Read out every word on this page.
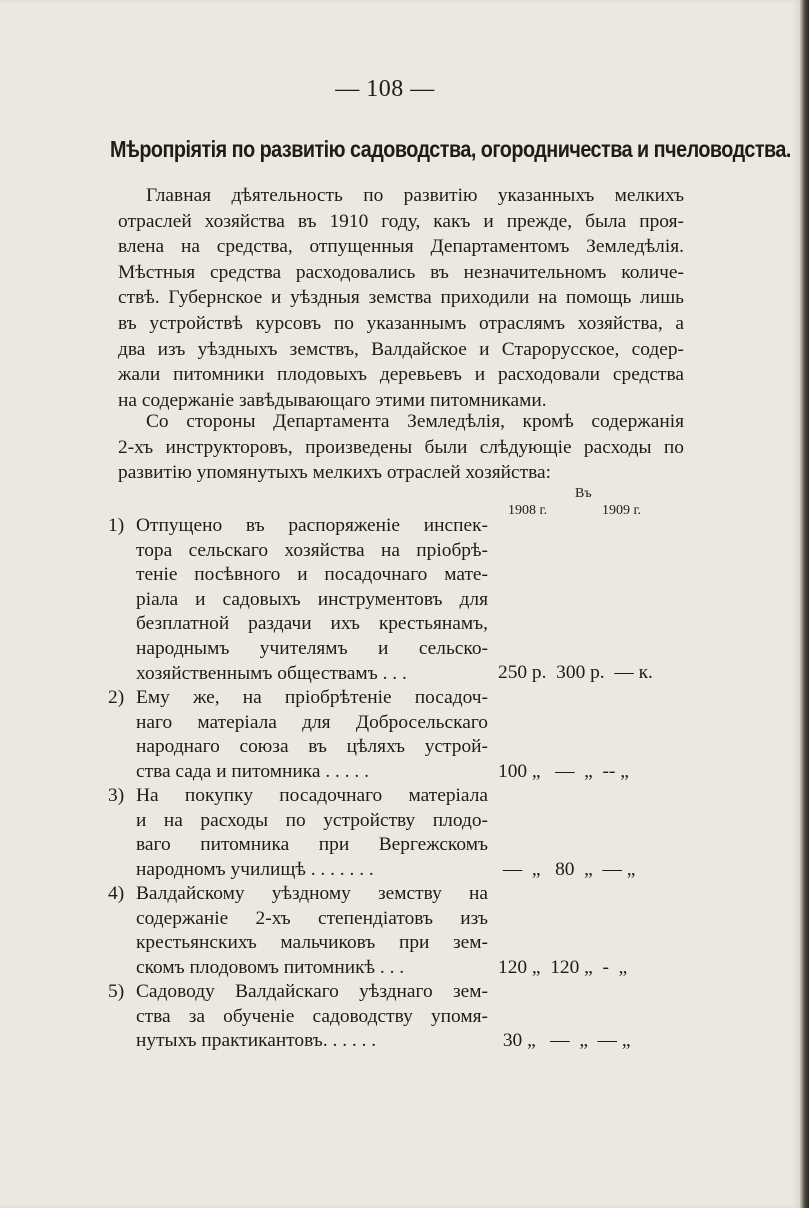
— 108 —
Мѣропріятія по развитію садоводства, огородничества и пчеловодства.
Главная дѣятельность по развитію указанныхъ мелкихъ
отраслей хозяйства въ 1910 году, какъ и прежде, была проя-
влена на средства, отпущенныя Департаментомъ Земледѣлія.
Мѣстныя средства расходовались въ незначительномъ количе-
ствѣ. Губернское и уѣздныя земства приходили на помощь лишь
въ устройствѣ курсовъ по указаннымъ отраслямъ хозяйства, а
два изъ уѣздныхъ земствъ, Валдайское и Старорусское, содер-
жали питомники плодовыхъ деревьевъ и расходовали средства
на содержаніе завѣдывающаго этими питомниками.
Со стороны Департамента Земледѣлія, кромѣ содержанія
2-хъ инструкторовъ, произведены были слѣдующіе расходы по
развитію упомянутыхъ мелкихъ отраслей хозяйства:
Въ
1908 г.	1909 г.
1) Отпущено въ распоряженіе инспек-
тора сельскаго хозяйства на пріобрѣ-
теніе посѣвного и посадочнаго мате-
ріала и садовыхъ инструментовъ для
безплатной раздачи ихъ крестьянамъ,
народнымъ учителямъ и сельско-
хозяйственнымъ обществамъ . . .	250 р.  300 р.  — к.
2) Ему же, на пріобрѣтеніе посадоч-
наго матеріала для Добросельскаго
народнаго союза въ цѣляхъ устрой-
ства сада и питомника . . . . .	100 „   —  „  -- „
3) На покупку посадочнаго матеріала
и на расходы по устройству плодо-
ваго питомника при Вергежскомъ
народномъ училищѣ . . . . . . .	—  „   80  „  — „
4) Валдайскому уѣздному земству на
содержаніе 2-хъ степендіатовъ изъ
крестьянскихъ мальчиковъ при зем-
скомъ плодовомъ питомникѣ . . .	120 „  120 „  -  „
5) Садоводу Валдайскаго уѣзднаго зем-
ства за обученіе садоводству упомя-
нутыхъ практикантовъ. . . . . .	30 „   —  „  — „
